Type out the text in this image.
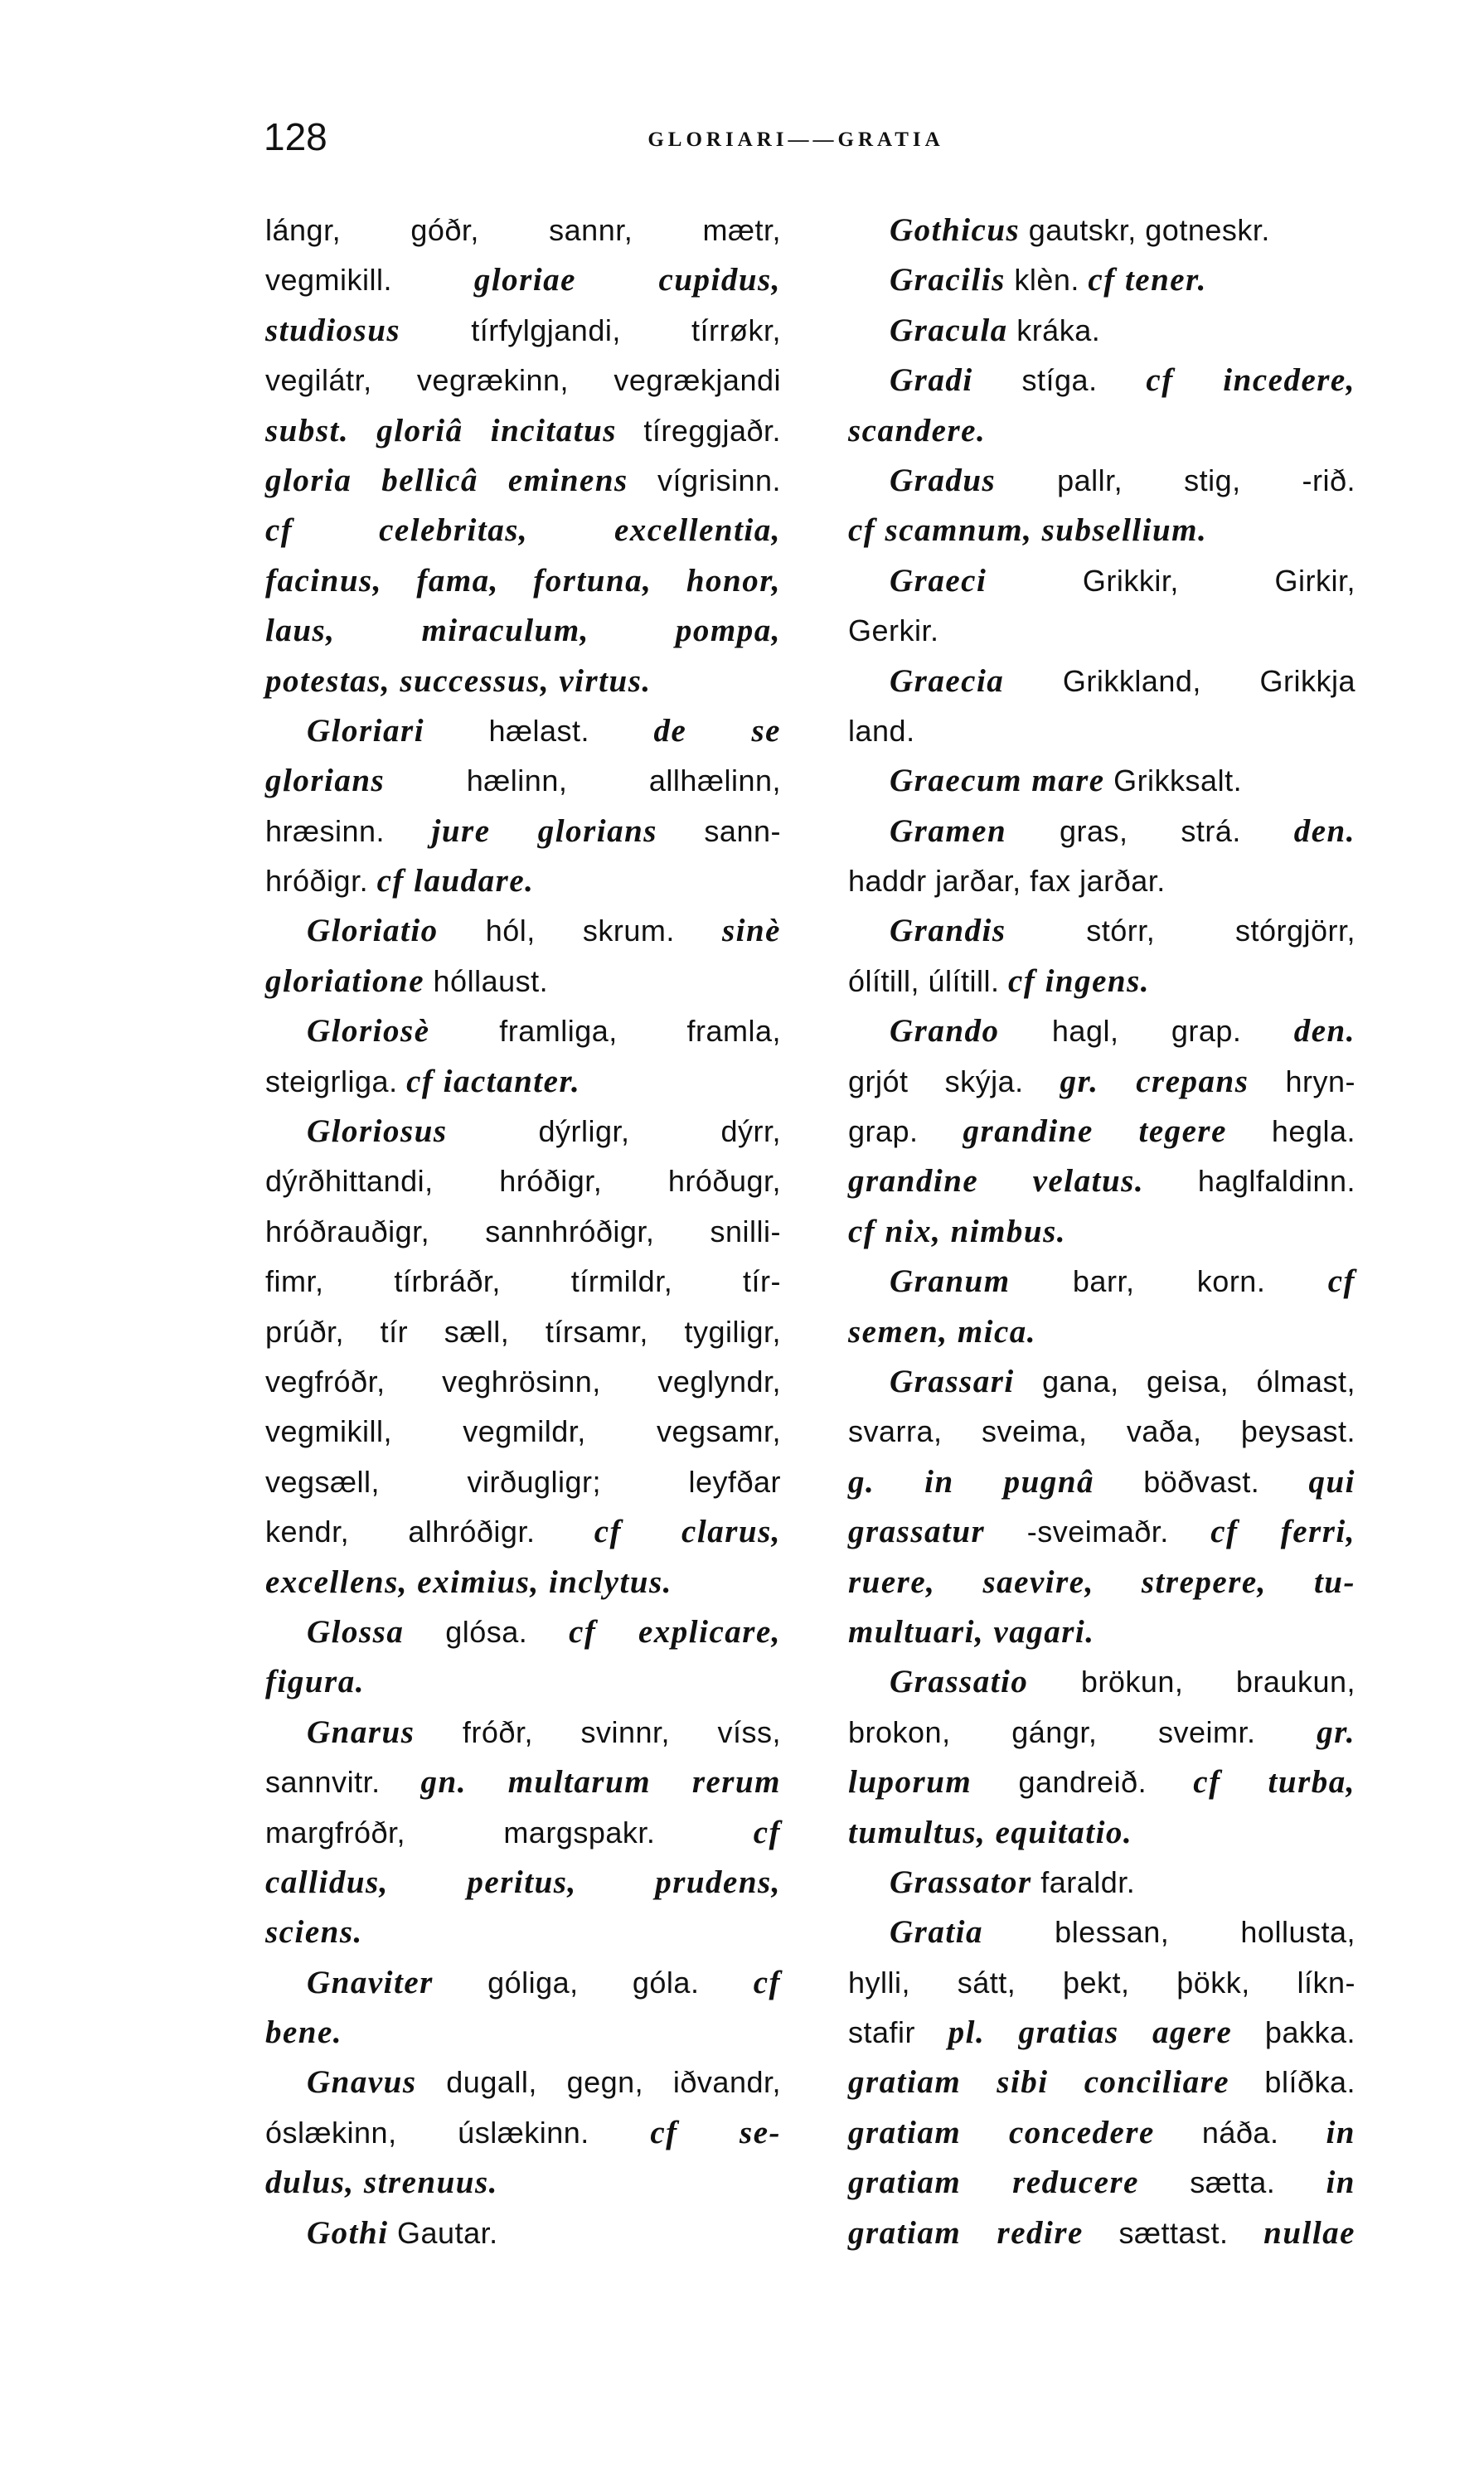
128	GLORIARI——GRATIA
lángr, góðr, sannr, mætr,
vegmikill. gloriae cupidus,
studiosus tírfylgjandi, tírrøkr,
vegilátr, vegrækinn, vegrækjandi
subst. gloriâ incitatus tíreggjaðr.
gloria bellicâ eminens vígrisinn.
cf celebritas, excellentia,
facinus, fama, fortuna, honor,
laus, miraculum, pompa,
potestas, successus, virtus.
Gloriari hælast. de se
glorians hælinn, allhælinn,
hræsinn. jure glorians sann-
hróðigr. cf laudare.
Gloriatio hól, skrum. sinè
gloriatione hóllaust.
Gloriosè framliga, framla,
steigrliga. cf iactanter.
Gloriosus dýrligr, dýrr,
dýrðhittandi, hróðigr, hróðugr,
hróðrauðigr, sannhróðigr, snilli-
fimr, tírbráðr, tírmildr, tír-
prúðr, tír sæll, tírsamr, tygiligr,
vegfróðr, veghrösinn, veglyndr,
vegmikill, vegmildr, vegsamr,
vegsæll, virðugligr; leyfðar
kendr, alhróðigr. cf clarus,
excellens, eximius, inclytus.
Glossa glósa. cf explicare,
figura.
Gnarus fróðr, svinnr, víss,
sannvitr. gn. multarum rerum
margfróðr, margspakr. cf
callidus, peritus, prudens,
sciens.
Gnaviter góliga, góla. cf
bene.
Gnavus dugall, gegn, iðvandr,
óslækinn, úslækinn. cf se-
dulus, strenuus.
Gothi Gautar.
Gothicus gautskr, gotneskr.
Gracilis klèn. cf tener.
Gracula kráka.
Gradi stíga. cf incedere,
scandere.
Gradus pallr, stig, -rið.
cf scamnum, subsellium.
Graeci Grikkir, Girkir,
Gerkir.
Graecia Grikkland, Grikkja
land.
Graecum mare Grikksalt.
Gramen gras, strá. den.
haddr jarðar, fax jarðar.
Grandis stórr, stórgjörr,
ólítill, úlítill. cf ingens.
Grando hagl, grap. den.
grjót skýja. gr. crepans hryn-
grap. grandine tegere hegla.
grandine velatus. haglfaldinn.
cf nix, nimbus.
Granum barr, korn. cf
semen, mica.
Grassari gana, geisa, ólmast,
svarra, sveima, vaða, þeysast.
g. in pugnâ böðvast. qui
grassatur -sveimaðr. cf ferri,
ruere, saevire, strepere, tu-
multuari, vagari.
Grassatio brökun, braukun,
brokon, gángr, sveimr. gr.
luporum gandreið. cf turba,
tumultus, equitatio.
Grassator faraldr.
Gratia blessan, hollusta,
hylli, sátt, þekt, þökk, líkn-
stafir pl. gratias agere þakka.
gratiam sibi conciliare blíðka.
gratiam concedere náða. in
gratiam reducere sætta. in
gratiam redire sættast. nullae
